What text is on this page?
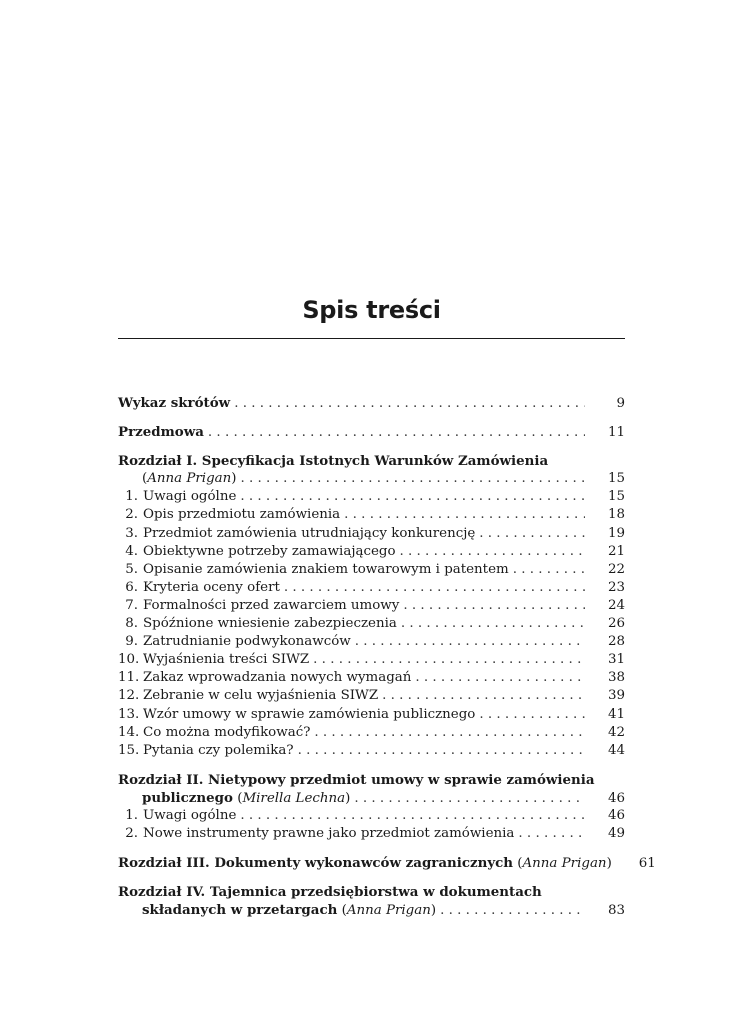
Spis treści
Wykaz skrótów . . .	9
Przedmowa . . .	11
Rozdział I. Specyfikacja Istotnych Warunków Zamówienia
(Anna Prigan) . . .	15
1. Uwagi ogólne . . .	15
2. Opis przedmiotu zamówienia . . .	18
3. Przedmiot zamówienia utrudniający konkurencję . . .	19
4. Obiektywne potrzeby zamawiającego . . .	21
5. Opisanie zamówienia znakiem towarowym i patentem . . .	22
6. Kryteria oceny ofert . . .	23
7. Formalności przed zawarciem umowy . . .	24
8. Spóźnione wniesienie zabezpieczenia . . .	26
9. Zatrudnianie podwykonawców . . .	28
10. Wyjaśnienia treści SIWZ . . .	31
11. Zakaz wprowadzania nowych wymagań . . .	38
12. Zebranie w celu wyjaśnienia SIWZ . . .	39
13. Wzór umowy w sprawie zamówienia publicznego . . .	41
14. Co można modyfikować? . . .	42
15. Pytania czy polemika? . . .	44
Rozdział II. Nietypowy przedmiot umowy w sprawie zamówienia
publicznego (Mirella Lechna) . . .	46
1. Uwagi ogólne . . .	46
2. Nowe instrumenty prawne jako przedmiot zamówienia . . .	49
Rozdział III. Dokumenty wykonawców zagranicznych (Anna Prigan)	61
Rozdział IV. Tajemnica przedsiębiorstwa w dokumentach
składanych w przetargach (Anna Prigan) . . .	83
